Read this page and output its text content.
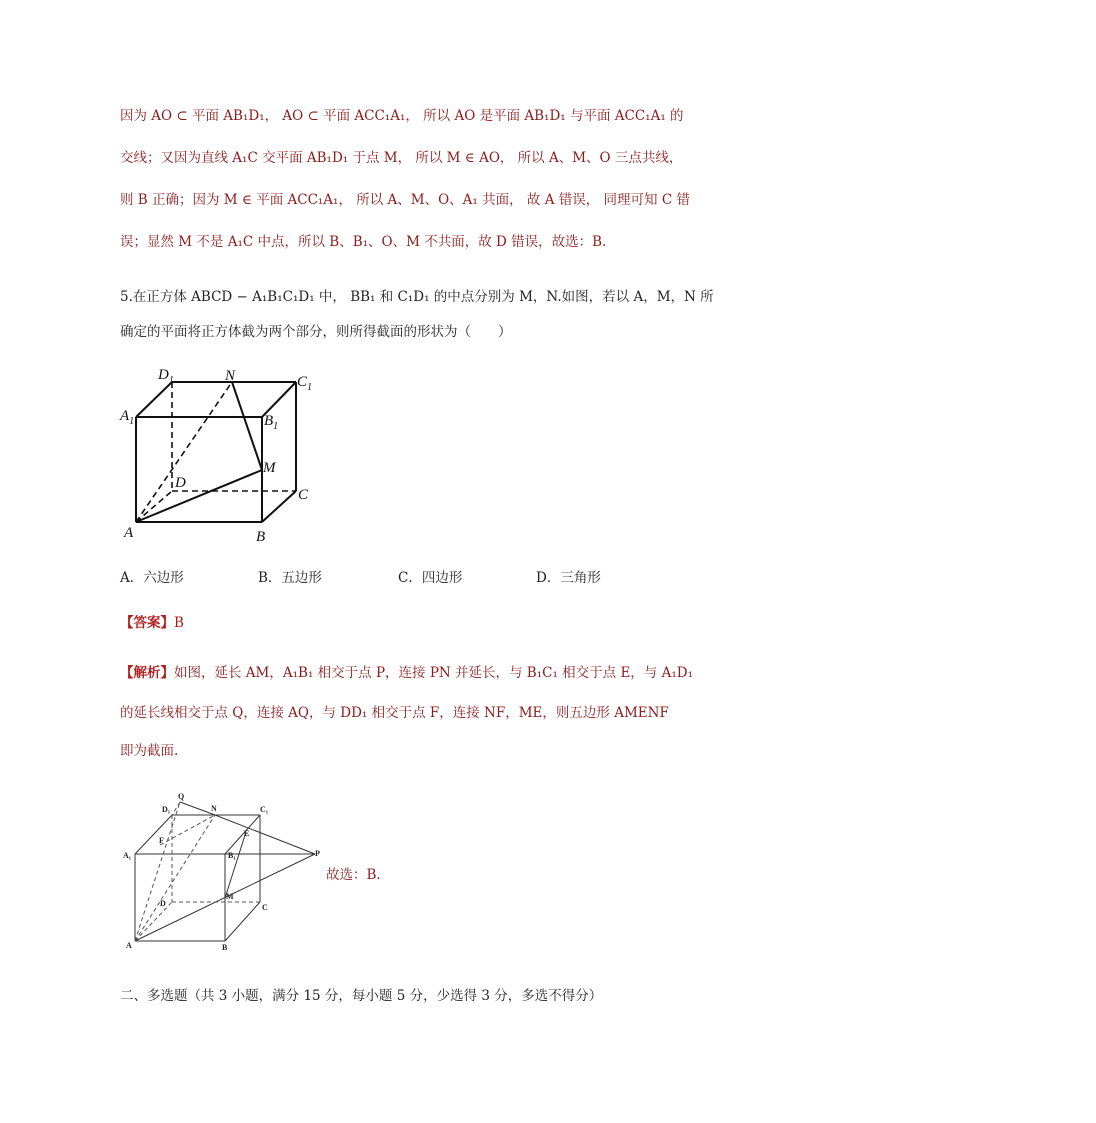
因为 AO ⊂ 平面 AB₁D₁， AO ⊂ 平面 ACC₁A₁， 所以 AO 是平面 AB₁D₁ 与平面 ACC₁A₁ 的
交线；又因为直线 A₁C 交平面 AB₁D₁ 于点 M， 所以 M ∈ AO， 所以 A、M、O 三点共线，
则 B 正确；因为 M ∈ 平面 ACC₁A₁， 所以 A、M、O、A₁ 共面， 故 A 错误， 同理可知 C 错
误；显然 M 不是 A₁C 中点，所以 B、B₁、O、M 不共面，故 D 错误，故选：B.
5.在正方体 ABCD − A₁B₁C₁D₁ 中， BB₁ 和 C₁D₁ 的中点分别为 M，N.如图，若以 A，M，N 所
确定的平面将正方体截为两个部分，则所得截面的形状为（　　）
$D_1$	N	$C_1$
$A_1$	$B_1$
M
D
C
A	B
A．六边形	B．五边形	C．四边形	D．三角形
【答案】B
【解析】如图，延长 AM，A₁B₁ 相交于点 P，连接 PN 并延长，与 B₁C₁ 相交于点 E，与 A₁D₁
的延长线相交于点 Q，连接 AQ，与 DD₁ 相交于点 F，连接 NF，ME，则五边形 AMENF
即为截面.
Q
D₁	N	C₁
F
E
A₁	B₁	P
D
M
C
A	B
故选：B.
二、多选题（共 3 小题，满分 15 分，每小题 5 分，少选得 3 分，多选不得分）
